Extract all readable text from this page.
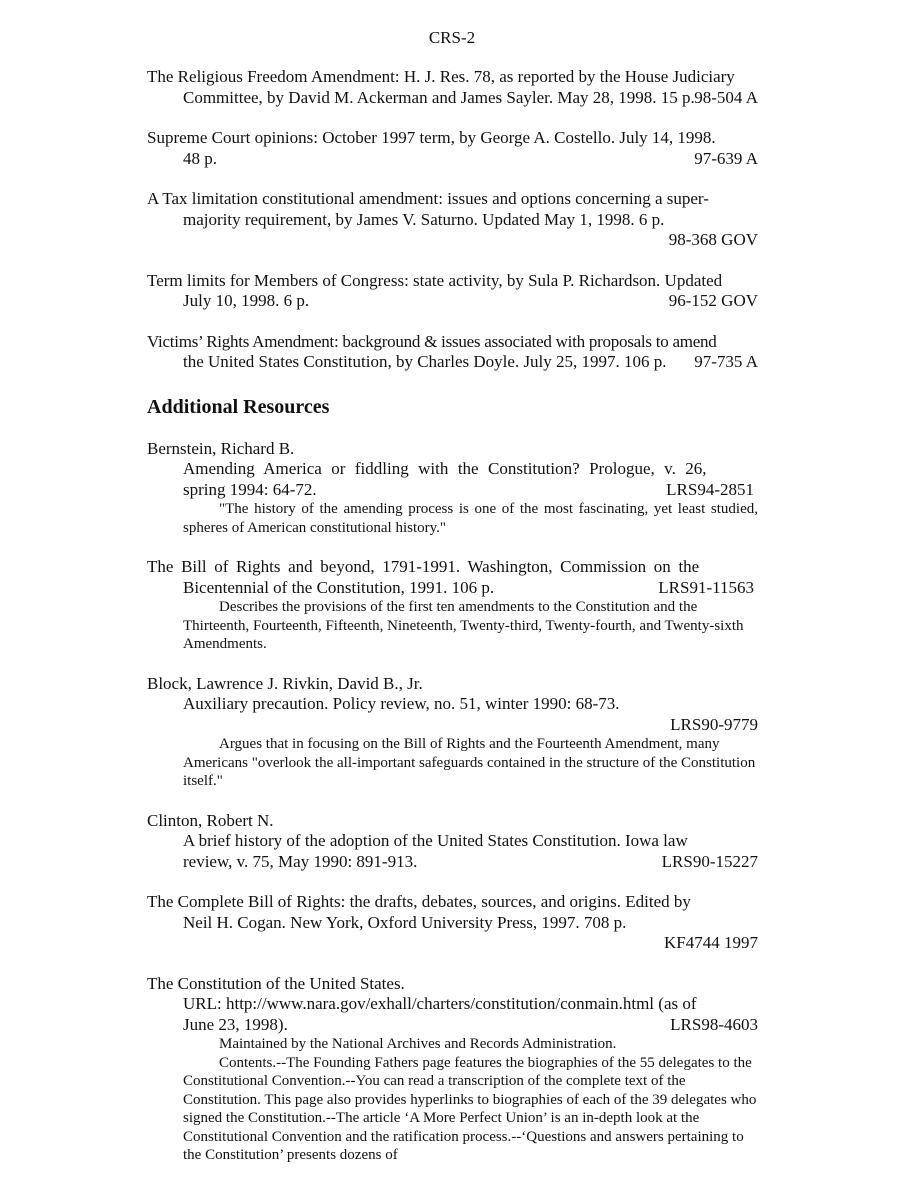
CRS-2
The Religious Freedom Amendment: H. J. Res. 78, as reported by the House Judiciary
Committee, by David M. Ackerman and James Sayler. May 28, 1998. 15 p. 98-504 A
Supreme Court opinions: October 1997 term, by George A. Costello. July 14, 1998.
48 p.	97-639 A
A Tax limitation constitutional amendment: issues and options concerning a super-
majority requirement, by James V. Saturno. Updated May 1, 1998. 6 p.
98-368 GOV
Term limits for Members of Congress: state activity, by Sula P. Richardson. Updated
July 10, 1998. 6 p.	96-152 GOV
Victims’ Rights Amendment: background & issues associated with proposals to amend
the United States Constitution, by Charles Doyle. July 25, 1997. 106 p. 97-735 A
Additional Resources
Bernstein, Richard B.
Amending America or fiddling with the Constitution? Prologue, v. 26,
spring 1994: 64-72.	LRS94-2851
"The history of the amending process is one of the most fascinating, yet least studied, spheres of American constitutional history."
The Bill of Rights and beyond, 1791-1991. Washington, Commission on the
Bicentennial of the Constitution, 1991. 106 p.	LRS91-11563
Describes the provisions of the first ten amendments to the Constitution and the Thirteenth, Fourteenth, Fifteenth, Nineteenth, Twenty-third, Twenty-fourth, and Twenty-sixth Amendments.
Block, Lawrence J. Rivkin, David B., Jr.
Auxiliary precaution. Policy review, no. 51, winter 1990: 68-73.
LRS90-9779
Argues that in focusing on the Bill of Rights and the Fourteenth Amendment, many Americans "overlook the all-important safeguards contained in the structure of the Constitution itself."
Clinton, Robert N.
A brief history of the adoption of the United States Constitution. Iowa law
review, v. 75, May 1990: 891-913.	LRS90-15227
The Complete Bill of Rights: the drafts, debates, sources, and origins. Edited by
Neil H. Cogan. New York, Oxford University Press, 1997. 708 p.
KF4744 1997
The Constitution of the United States.
URL: http://www.nara.gov/exhall/charters/constitution/conmain.html (as of
June 23, 1998).	LRS98-4603
Maintained by the National Archives and Records Administration.
Contents.--The Founding Fathers page features the biographies of the 55 delegates to the Constitutional Convention.--You can read a transcription of the complete text of the Constitution. This page also provides hyperlinks to biographies of each of the 39 delegates who signed the Constitution.--The article ‘A More Perfect Union’ is an in-depth look at the Constitutional Convention and the ratification process.--‘Questions and answers pertaining to the Constitution’ presents dozens of
